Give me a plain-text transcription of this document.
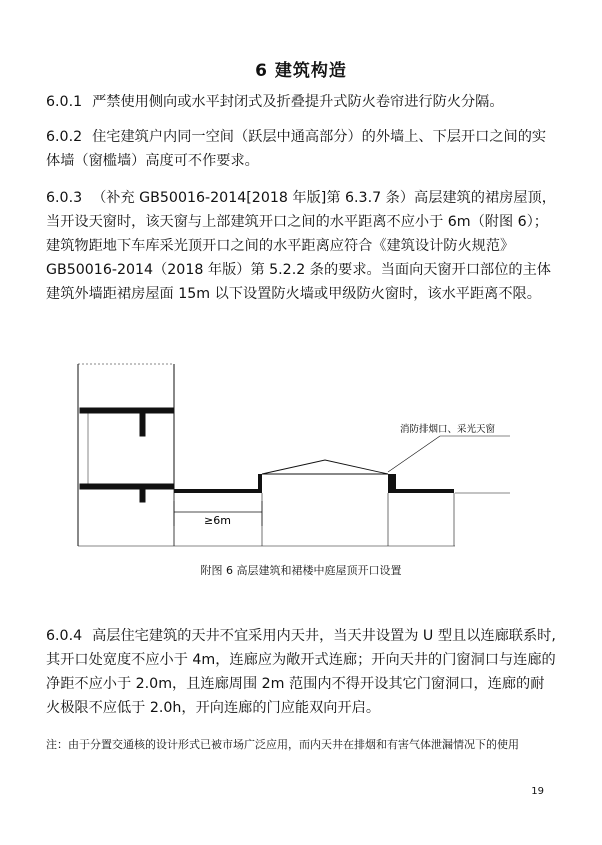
6 建筑构造
6.0.1 严禁使用侧向或水平封闭式及折叠提升式防火卷帘进行防火分隔。
6.0.2 住宅建筑户内同一空间（跃层中通高部分）的外墙上、下层开口之间的实体墙（窗槛墙）高度可不作要求。
6.0.3 （补充 GB50016-2014[2018 年版]第 6.3.7 条）高层建筑的裙房屋顶，当开设天窗时，该天窗与上部建筑开口之间的水平距离不应小于 6m（附图 6）；建筑物距地下车库采光顶开口之间的水平距离应符合《建筑设计防火规范》GB50016-2014（2018 年版）第 5.2.2 条的要求。当面向天窗开口部位的主体建筑外墙距裙房屋面 15m 以下设置防火墙或甲级防火窗时，该水平距离不限。
≥6m
消防排烟口、采光天窗
附图 6 高层建筑和裙楼中庭屋顶开口设置
6.0.4 高层住宅建筑的天井不宜采用内天井，当天井设置为 U 型且以连廊联系时,其开口处宽度不应小于 4m，连廊应为敞开式连廊；开向天井的门窗洞口与连廊的净距不应小于 2.0m，且连廊周围 2m 范围内不得开设其它门窗洞口，连廊的耐火极限不应低于 2.0h，开向连廊的门应能双向开启。
注：由于分置交通核的设计形式已被市场广泛应用，而内天井在排烟和有害气体泄漏情况下的使用
19
